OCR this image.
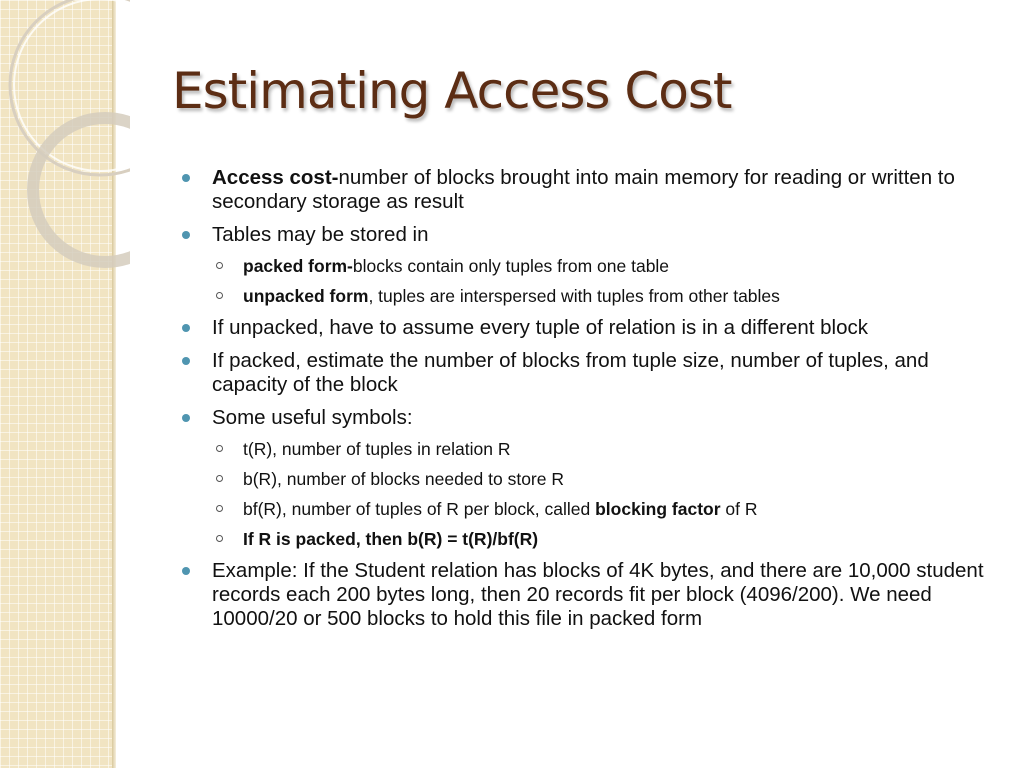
Estimating Access Cost
Access cost-number of blocks brought into main memory for reading or written to secondary storage as result
Tables may be stored in
packed form-blocks contain only tuples from one table
unpacked form, tuples are interspersed with tuples from other tables
If unpacked, have to assume every tuple of relation is in a different block
If packed, estimate the number of blocks from tuple size, number of tuples, and capacity of the block
Some useful symbols:
t(R), number of tuples in relation R
b(R), number of blocks needed to store R
bf(R), number of tuples of R per block, called blocking factor of R
If R is packed, then b(R) = t(R)/bf(R)
Example: If the Student relation has blocks of 4K bytes, and there are 10,000 student records each 200 bytes long, then 20 records fit per block (4096/200). We need 10000/20 or 500 blocks to hold this file in packed form
